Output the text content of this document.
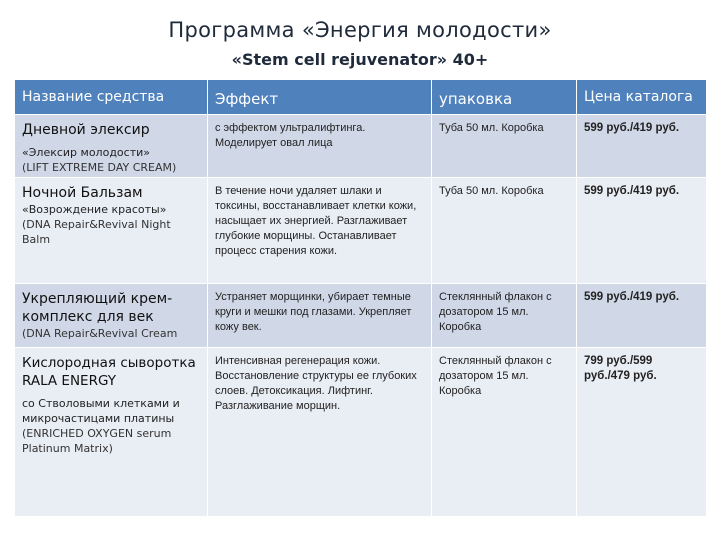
Программа «Энергия молодости»
«Stem cell rejuvenator» 40+
Название средства	Эффект	упаковка	Цена каталога

Дневной элексир
«Элексир молодости»
(LIFT EXTREME DAY CREAM)	с эффектом ультралифтинга. Моделирует овал лица	Туба 50 мл. Коробка	599 руб./419 руб.

Ночной Бальзам
«Возрождение красоты»
(DNA Repair&Revival Night Balm	В течение ночи удаляет шлаки и токсины, восстанавливает клетки кожи, насыщает их энергией. Разглаживает глубокие морщины. Останавливает процесс старения кожи.	Туба 50 мл. Коробка	599 руб./419 руб.

Укрепляющий крем-комплекс для век
(DNA Repair&Revival Cream	Устраняет морщинки, убирает темные круги и мешки под глазами. Укрепляет кожу век.	Стеклянный флакон с дозатором 15 мл. Коробка	599 руб./419 руб.

Кислородная сыворотка RALA ENERGY
со Стволовыми клетками и микрочастицами платины
(ENRICHED OXYGEN serum Platinum Matrix)	Интенсивная регенерация кожи. Восстановление структуры ее глубоких слоев. Детоксикация. Лифтинг. Разглаживание морщин.	Стеклянный флакон с дозатором 15 мл. Коробка	799 руб./599 руб./479 руб.
